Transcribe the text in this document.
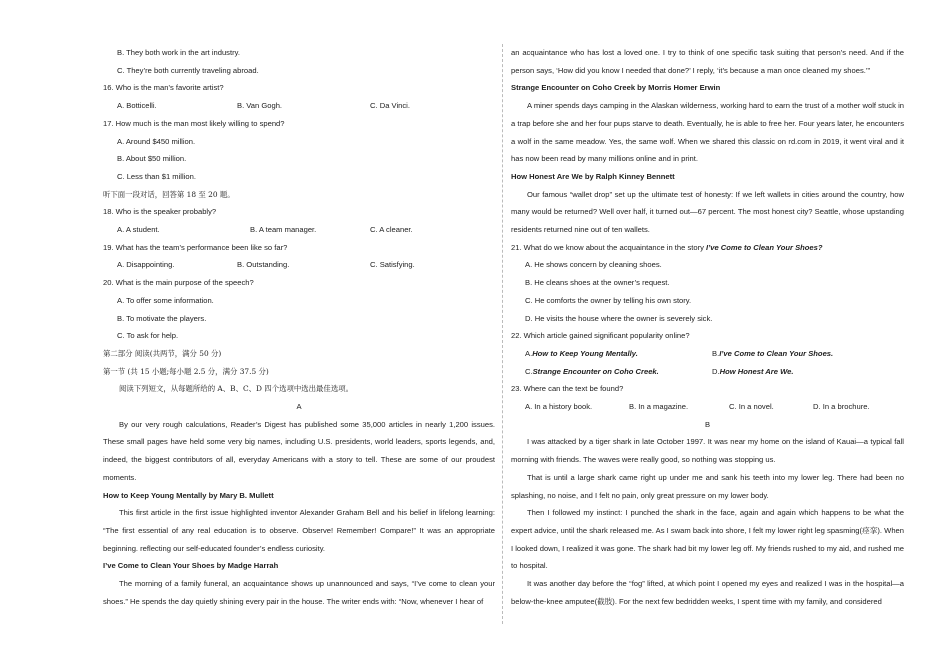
B. They both work in the art industry.
C. They’re both currently traveling abroad.
16. Who is the man’s favorite artist?
A. Botticelli.	B. Van Gogh.	C. Da Vinci.
17. How much is the man most likely willing to spend?
A. Around $450 million.
B. About $50 million.
C. Less than $1 million.
听下面一段对话，回答第 18 至 20 题。
18. Who is the speaker probably?
A. A student.	B. A team manager.	C. A cleaner.
19. What has the team’s performance been like so far?
A. Disappointing.	B. Outstanding.	C. Satisfying.
20. What is the main purpose of the speech?
A. To offer some information.
B. To motivate the players.
C. To ask for help.
第二部分 阅读(共两节，满分 50 分)
第一节 (共 15 小题;每小题 2.5 分，满分 37.5 分)
阅读下列短文，从每题所给的 A、B、C、D 四个选项中选出最佳选项。
A
By our very rough calculations, Reader’s Digest has published some 35,000 articles in nearly 1,200 issues. These small pages have held some very big names, including U.S. presidents, world leaders, sports legends, and, indeed, the biggest contributors of all, everyday Americans with a story to tell. These are some of our proudest moments.
How to Keep Young Mentally by Mary B. Mullett
This first article in the first issue highlighted inventor Alexander Graham Bell and his belief in lifelong learning: “The first essential of any real education is to observe. Observe! Remember! Compare!” It was an appropriate beginning. reflecting our self-educated founder’s endless curiosity.
I’ve Come to Clean Your Shoes by Madge Harrah
The morning of a family funeral, an acquaintance shows up unannounced and says, “I’ve come to clean your shoes.” He spends the day quietly shining every pair in the house. The writer ends with: “Now, whenever I hear of
an acquaintance who has lost a loved one. I try to think of one specific task suiting that person’s need. And if the person says, ‘How did you know I needed that done?’ I reply, ‘it’s because a man once cleaned my shoes.’”
Strange Encounter on Coho Creek by Morris Homer Erwin
A miner spends days camping in the Alaskan wilderness, working hard to earn the trust of a mother wolf stuck in a trap before she and her four pups starve to death. Eventually, he is able to free her. Four years later, he encounters a wolf in the same meadow. Yes, the same wolf. When we shared this classic on rd.com in 2019, it went viral and it has now been read by many millions online and in print.
How Honest Are We by Ralph Kinney Bennett
Our famous “wallet drop” set up the ultimate test of honesty: If we left wallets in cities around the country, how many would be returned? Well over half, it turned out—67 percent. The most honest city? Seattle, whose upstanding residents returned nine out of ten wallets.
21. What do we know about the acquaintance in the story I’ve Come to Clean Your Shoes?
A. He shows concern by cleaning shoes.
B. He cleans shoes at the owner’s request.
C. He comforts the owner by telling his own story.
D. He visits the house where the owner is severely sick.
22. Which article gained significant popularity online?
A.How to Keep Young Mentally.	B.I’ve Come to Clean Your Shoes.
C.Strange Encounter on Coho Creek.	D.How Honest Are We.
23. Where can the text be found?
A. In a history book.	B. In a magazine.	C. In a novel.	D. In a brochure.
B
I was attacked by a tiger shark in late October 1997. It was near my home on the island of Kauai—a typical fall morning with friends. The waves were really good, so nothing was stopping us.
That is until a large shark came right up under me and sank his teeth into my lower leg. There had been no splashing, no noise, and I felt no pain, only great pressure on my lower body.
Then I followed my instinct: I punched the shark in the face, again and again which happens to be what the expert advice, until the shark released me. As I swam back into shore, I felt my lower right leg spasming(痉挛). When I looked down, I realized it was gone. The shark had bit my lower leg off. My friends rushed to my aid, and rushed me to hospital.
It was another day before the “fog” lifted, at which point I opened my eyes and realized I was in the hospital—a below-the-knee amputee(截肢). For the next few bedridden weeks, I spent time with my family, and considered
